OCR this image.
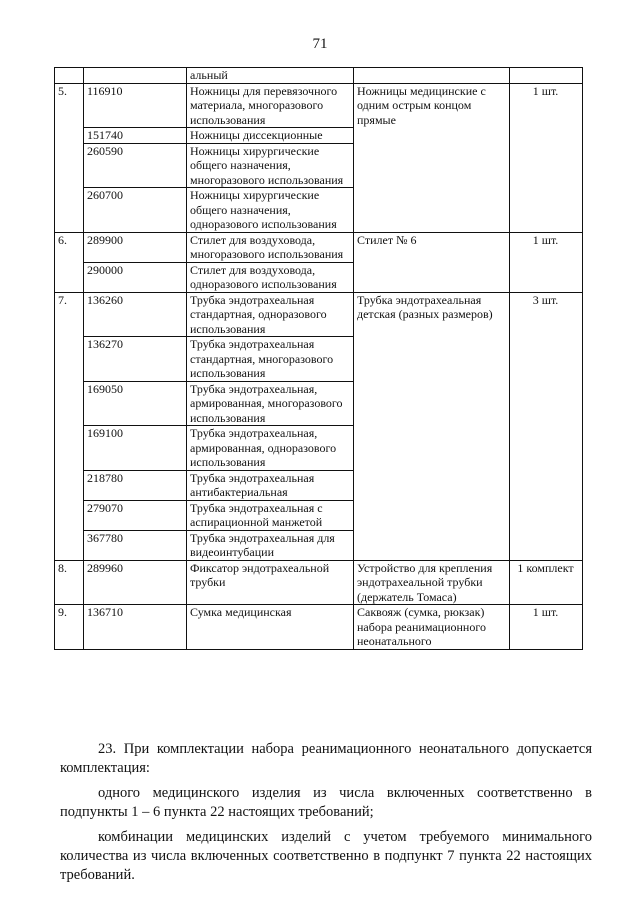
71
		альный		
5.	116910	Ножницы для перевязочного материала, многоразового использования	Ножницы медицинские с одним острым концом прямые	1 шт.
	151740	Ножницы диссекционные		
	260590	Ножницы хирургические общего назначения, многоразового использования		
	260700	Ножницы хирургические общего назначения, одноразового использования		
6.	289900	Стилет для воздуховода, многоразового использования	Стилет № 6	1 шт.
	290000	Стилет для воздуховода, одноразового использования		
7.	136260	Трубка эндотрахеальная стандартная, одноразового использования	Трубка эндотрахеальная детская (разных размеров)	3 шт.
	136270	Трубка эндотрахеальная стандартная, многоразового использования		
	169050	Трубка эндотрахеальная, армированная, многоразового использования		
	169100	Трубка эндотрахеальная, армированная, одноразового использования		
	218780	Трубка эндотрахеальная антибактериальная		
	279070	Трубка эндотрахеальная с аспирационной манжетой		
	367780	Трубка эндотрахеальная для видеоинтубации		
8.	289960	Фиксатор эндотрахеальной трубки	Устройство для крепления эндотрахеальной трубки (держатель Томаса)	1 комплект
9.	136710	Сумка медицинская	Саквояж (сумка, рюкзак) набора реанимационного неонатального	1 шт.

23. При комплектации набора реанимационного неонатального допускается комплектация:

одного медицинского изделия из числа включенных соответственно в подпункты 1 – 6 пункта 22 настоящих требований;

комбинации медицинских изделий с учетом требуемого минимального количества из числа включенных соответственно в подпункт 7 пункта 22 настоящих требований.
